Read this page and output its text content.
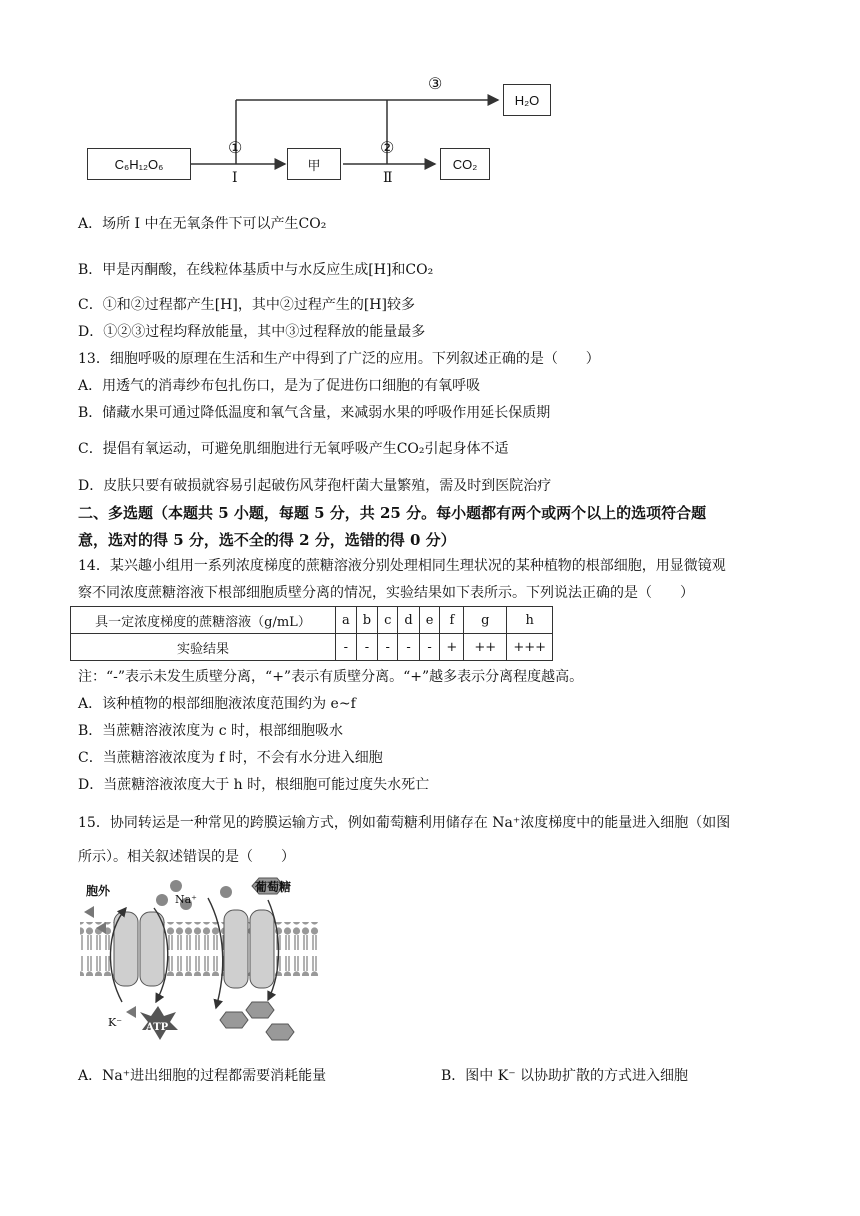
C₆H₁₂O₆	甲	CO₂
H₂O
①	②
③
I	Ⅱ
A．场所 I 中在无氧条件下可以产生CO₂
B．甲是丙酮酸，在线粒体基质中与水反应生成[H]和CO₂
C．①和②过程都产生[H]，其中②过程产生的[H]较多
D．①②③过程均释放能量，其中③过程释放的能量最多
13．细胞呼吸的原理在生活和生产中得到了广泛的应用。下列叙述正确的是（　　）
A．用透气的消毒纱布包扎伤口，是为了促进伤口细胞的有氧呼吸
B．储藏水果可通过降低温度和氧气含量，来减弱水果的呼吸作用延长保质期
C．提倡有氧运动，可避免肌细胞进行无氧呼吸产生CO₂引起身体不适
D．皮肤只要有破损就容易引起破伤风芽孢杆菌大量繁殖，需及时到医院治疗
二、多选题（本题共 5 小题，每题 5 分，共 25 分。每小题都有两个或两个以上的选项符合题
意，选对的得 5 分，选不全的得 2 分，选错的得 0 分）
14．某兴趣小组用一系列浓度梯度的蔗糖溶液分别处理相同生理状况的某种植物的根部细胞，用显微镜观
察不同浓度蔗糖溶液下根部细胞质壁分离的情况，实验结果如下表所示。下列说法正确的是（　　）
具一定浓度梯度的蔗糖溶液（g/mL）	a	b	c	d	e	f	g	h
实验结果	-	-	-	-	-	+	++	+++
注：“-”表示未发生质壁分离，“+”表示有质壁分离。“+”越多表示分离程度越高。
A．该种植物的根部细胞液浓度范围约为 e~f
B．当蔗糖溶液浓度为 c 时，根部细胞吸水
C．当蔗糖溶液浓度为 f 时，不会有水分进入细胞
D．当蔗糖溶液浓度大于 h 时，根细胞可能过度失水死亡
15．协同转运是一种常见的跨膜运输方式，例如葡萄糖利用储存在 Na⁺浓度梯度中的能量进入细胞（如图
所示）。相关叙述错误的是（　　）
胞外
Na⁺
葡萄糖
K⁻ ATP
A．Na⁺进出细胞的过程都需要消耗能量	B．图中 K⁻ 以协助扩散的方式进入细胞
